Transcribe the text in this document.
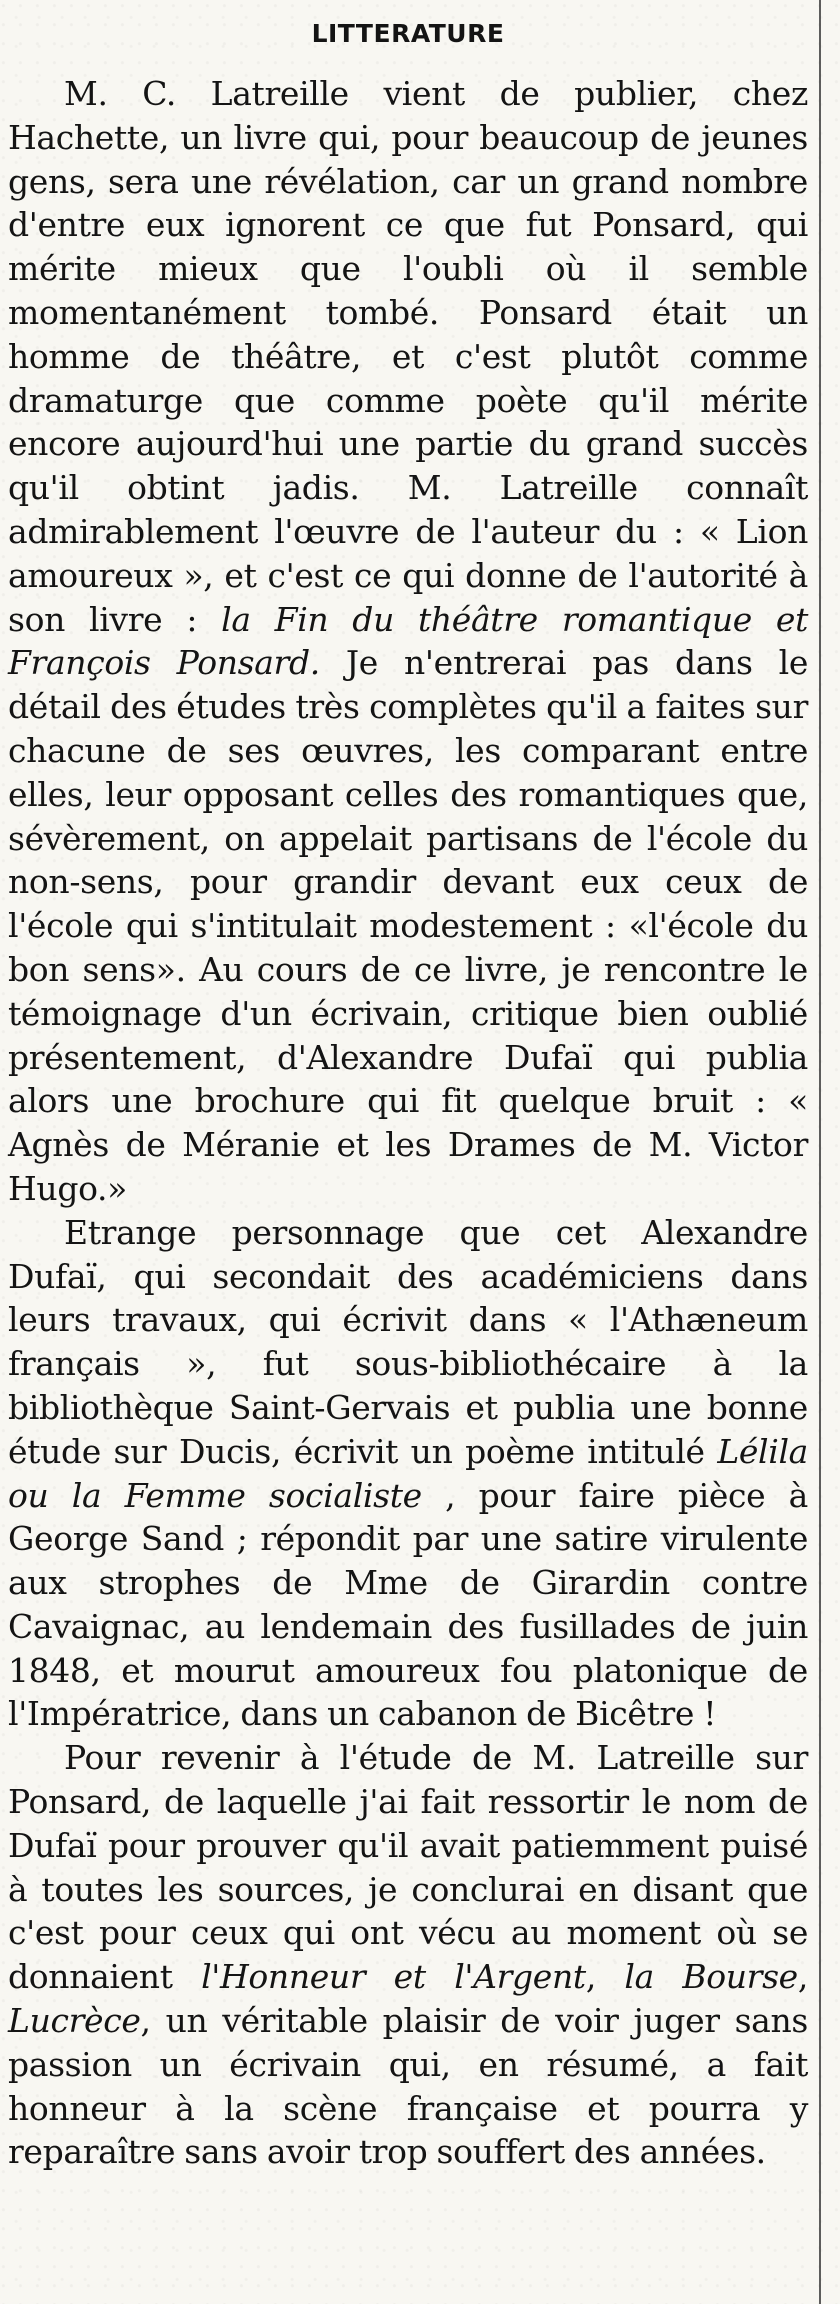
LITTERATURE

M. C. Latreille vient de publier, chez Hachette, un livre qui, pour beaucoup de jeunes gens, sera une révélation, car un grand nombre d'entre eux ignorent ce que fut Ponsard, qui mérite mieux que l'oubli où il semble momentanément tombé. Ponsard était un homme de théâtre, et c'est plutôt comme dramaturge que comme poète qu'il mérite encore aujourd'hui une partie du grand succès qu'il obtint jadis. M. Latreille connaît admirablement l'œuvre de l'auteur du : « Lion amoureux », et c'est ce qui donne de l'autorité à son livre : la Fin du théâtre romantique et François Ponsard. Je n'entrerai pas dans le détail des études très complètes qu'il a faites sur chacune de ses œuvres, les comparant entre elles, leur opposant celles des romantiques que, sévèrement, on appelait partisans de l'école du non-sens, pour grandir devant eux ceux de l'école qui s'intitulait modestement : «l'école du bon sens». Au cours de ce livre, je rencontre le témoignage d'un écrivain, critique bien oublié présentement, d'Alexandre Dufaï qui publia alors une brochure qui fit quelque bruit : « Agnès de Méranie et les Drames de M. Victor Hugo.»

Etrange personnage que cet Alexandre Dufaï, qui secondait des académiciens dans leurs travaux, qui écrivit dans « l'Athæneum français », fut sous-bibliothécaire à la bibliothèque Saint-Gervais et publia une bonne étude sur Ducis, écrivit un poème intitulé Lélila ou la Femme socialiste , pour faire pièce à George Sand ; répondit par une satire virulente aux strophes de Mme de Girardin contre Cavaignac, au lendemain des fusillades de juin 1848, et mourut amoureux fou platonique de l'Impératrice, dans un cabanon de Bicêtre !

Pour revenir à l'étude de M. Latreille sur Ponsard, de laquelle j'ai fait ressortir le nom de Dufaï pour prouver qu'il avait patiemment puisé à toutes les sources, je conclurai en disant que c'est pour ceux qui ont vécu au moment où se donnaient l'Honneur et l'Argent, la Bourse, Lucrèce, un véritable plaisir de voir juger sans passion un écrivain qui, en résumé, a fait honneur à la scène française et pourra y reparaître sans avoir trop souffert des années.
